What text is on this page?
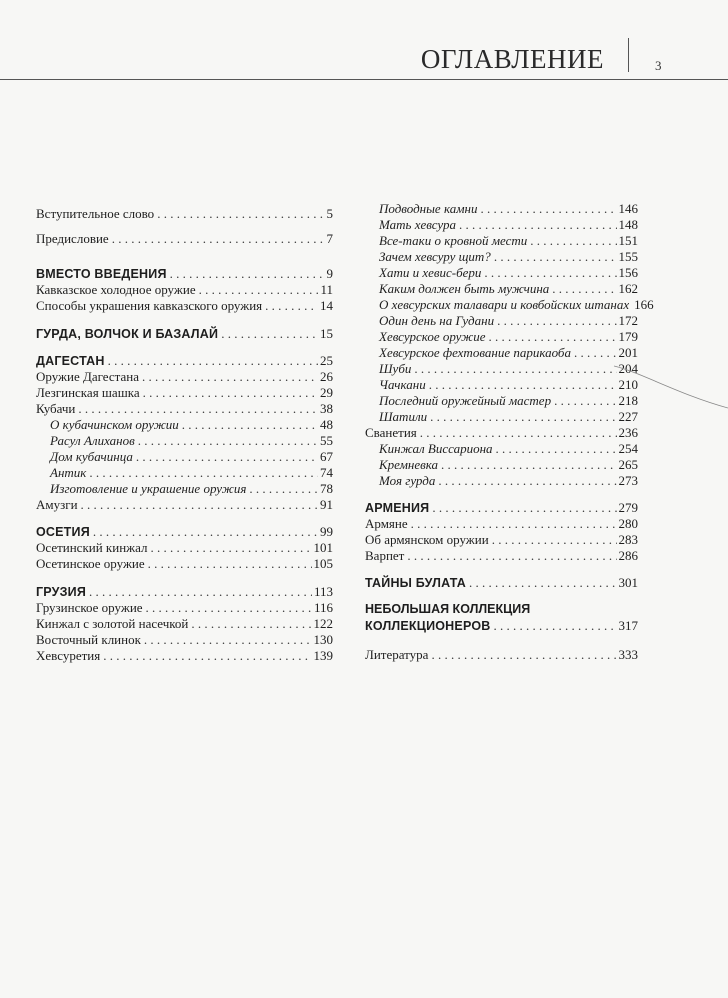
ОГЛАВЛЕНИЕ	3
Вступительное слово . . .	5
Предисловие . . .	7
ВМЕСТО ВВЕДЕНИЯ . . .	9
Кавказское холодное оружие . . .	11
Способы украшения кавказского оружия . . .	14
ГУРДА, ВОЛЧОК И БАЗАЛАЙ . . .	15
ДАГЕСТАН . . .	25
Оружие Дагестана . . .	26
Лезгинская шашка . . .	29
Кубачи . . .	38
О кубачинском оружии . . .	48
Расул Алиханов . . .	55
Дом кубачинца . . .	67
Антик . . .	74
Изготовление и украшение оружия . . .	78
Амузги . . .	91
ОСЕТИЯ . . .	99
Осетинский кинжал . . .	101
Осетинское оружие . . .	105
ГРУЗИЯ . . .	113
Грузинское оружие . . .	116
Кинжал с золотой насечкой . . .	122
Восточный клинок . . .	130
Хевсуретия . . .	139
Подводные камни . . .	146
Мать хевсура . . .	148
Все-таки о кровной мести . . .	151
Зачем хевсуру щит? . . .	155
Хати и хевис-бери . . .	156
Каким должен быть мужчина . . .	162
О хевсурских талавари и ковбойских штанах 166
Один день на Гудани . . .	172
Хевсурское оружие . . .	179
Хевсурское фехтование парикаоба . . .	201
Шуби . . .	204
Чачкани . . .	210
Последний оружейный мастер . . .	218
Шатили . . .	227
Сванетия . . .	236
Кинжал Виссариона . . .	254
Кремневка . . .	265
Моя гурда . . .	273
АРМЕНИЯ . . .	279
Армяне . . .	280
Об армянском оружии . . .	283
Варпет . . .	286
ТАЙНЫ БУЛАТА . . .	301
НЕБОЛЬШАЯ КОЛЛЕКЦИЯ
КОЛЛЕКЦИОНЕРОВ . . .	317
Литература . . .	333
